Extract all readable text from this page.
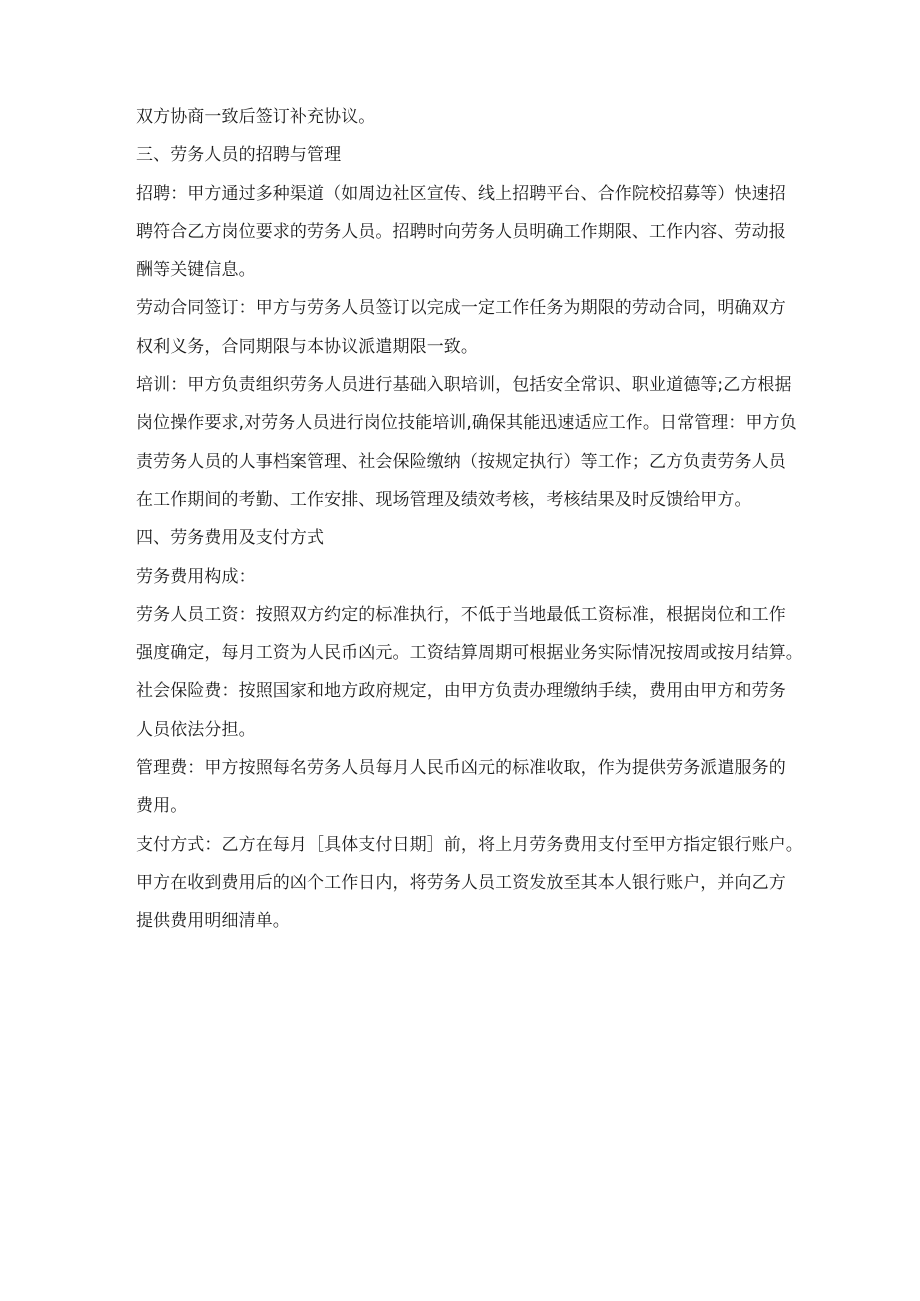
双方协商一致后签订补充协议。
三、劳务人员的招聘与管理
招聘：甲方通过多种渠道（如周边社区宣传、线上招聘平台、合作院校招募等）快速招
聘符合乙方岗位要求的劳务人员。招聘时向劳务人员明确工作期限、工作内容、劳动报
酬等关键信息。
劳动合同签订：甲方与劳务人员签订以完成一定工作任务为期限的劳动合同，明确双方
权利义务，合同期限与本协议派遣期限一致。
培训：甲方负责组织劳务人员进行基础入职培训，包括安全常识、职业道德等;乙方根据
岗位操作要求,对劳务人员进行岗位技能培训,确保其能迅速适应工作。日常管理：甲方负
责劳务人员的人事档案管理、社会保险缴纳（按规定执行）等工作；乙方负责劳务人员
在工作期间的考勤、工作安排、现场管理及绩效考核，考核结果及时反馈给甲方。
四、劳务费用及支付方式
劳务费用构成：
劳务人员工资：按照双方约定的标准执行，不低于当地最低工资标准，根据岗位和工作
强度确定，每月工资为人民币凶元。工资结算周期可根据业务实际情况按周或按月结算。
社会保险费：按照国家和地方政府规定，由甲方负责办理缴纳手续，费用由甲方和劳务
人员依法分担。
管理费：甲方按照每名劳务人员每月人民币凶元的标准收取，作为提供劳务派遣服务的
费用。
支付方式：乙方在每月［具体支付日期］前，将上月劳务费用支付至甲方指定银行账户。
甲方在收到费用后的凶个工作日内，将劳务人员工资发放至其本人银行账户，并向乙方
提供费用明细清单。
